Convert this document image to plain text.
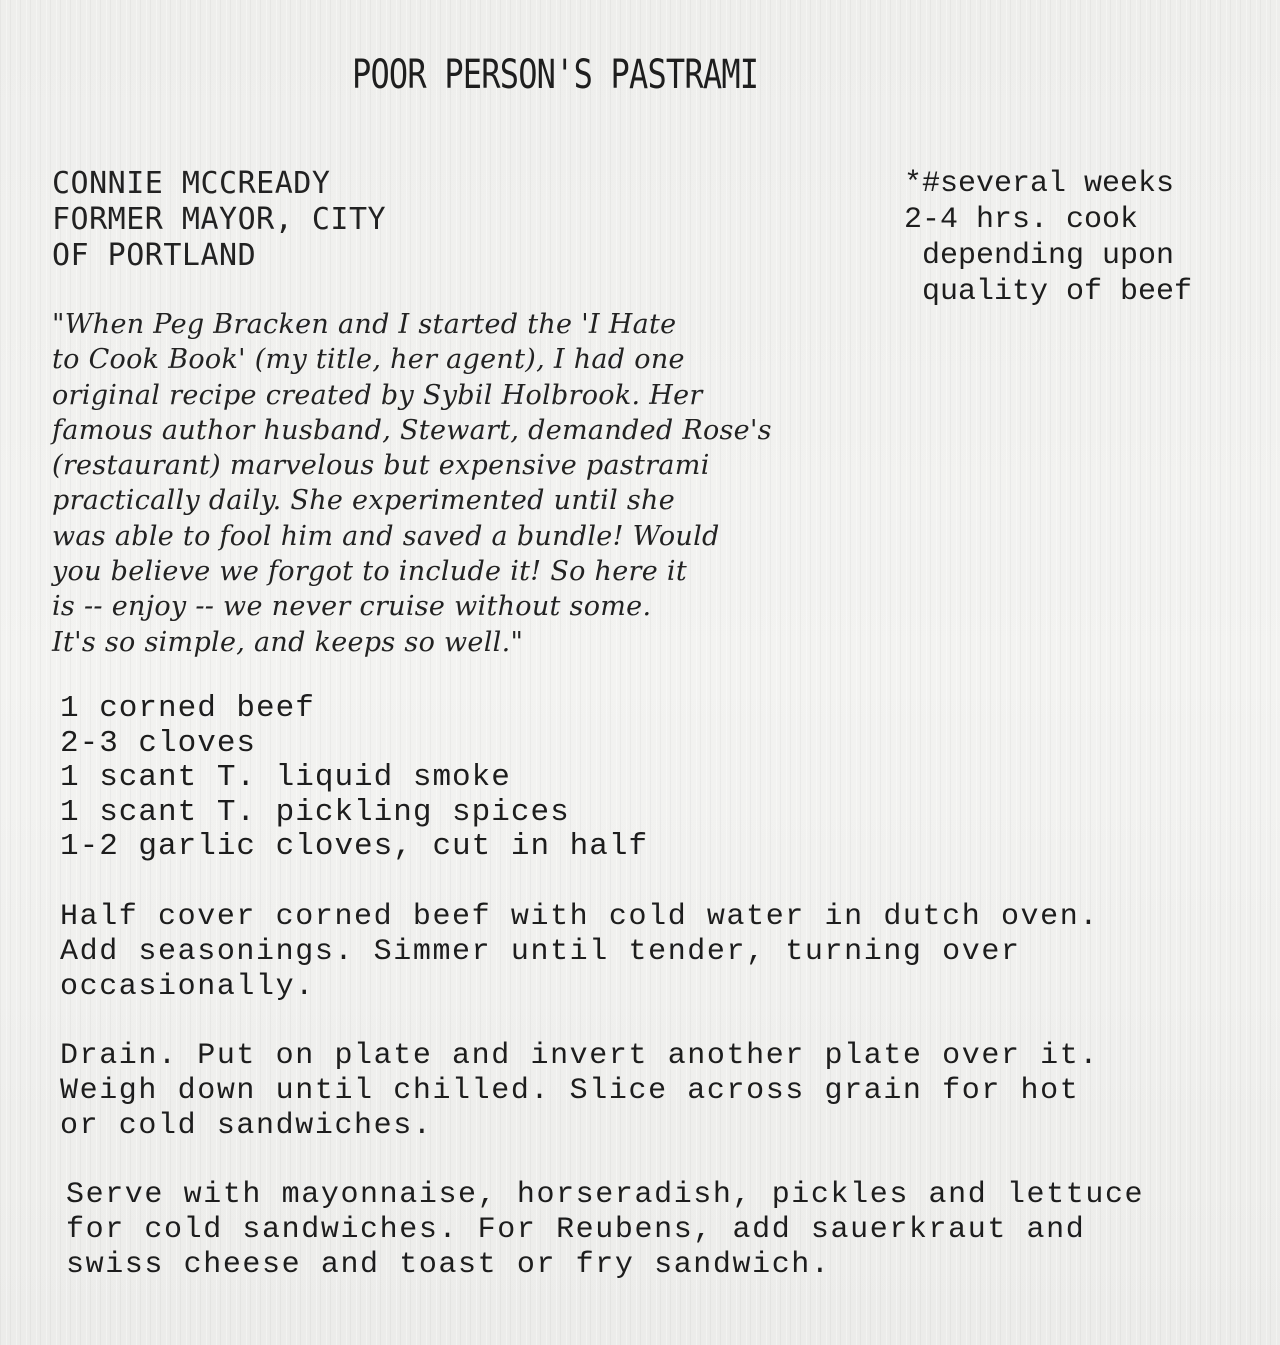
POOR PERSON'S PASTRAMI
CONNIE MCCREADY
FORMER MAYOR, CITY
OF PORTLAND
*#several weeks
2-4 hrs. cook
depending upon
quality of beef
"When Peg Bracken and I started the 'I Hate
to Cook Book' (my title, her agent), I had one
original recipe created by Sybil Holbrook. Her
famous author husband, Stewart, demanded Rose's
(restaurant) marvelous but expensive pastrami
practically daily. She experimented until she
was able to fool him and saved a bundle! Would
you believe we forgot to include it! So here it
is -- enjoy -- we never cruise without some.
It's so simple, and keeps so well."
1 corned beef
2-3 cloves
1 scant T. liquid smoke
1 scant T. pickling spices
1-2 garlic cloves, cut in half
Half cover corned beef with cold water in dutch oven.
Add seasonings. Simmer until tender, turning over
occasionally.
Drain. Put on plate and invert another plate over it.
Weigh down until chilled. Slice across grain for hot
or cold sandwiches.
Serve with mayonnaise, horseradish, pickles and lettuce
for cold sandwiches. For Reubens, add sauerkraut and
swiss cheese and toast or fry sandwich.
